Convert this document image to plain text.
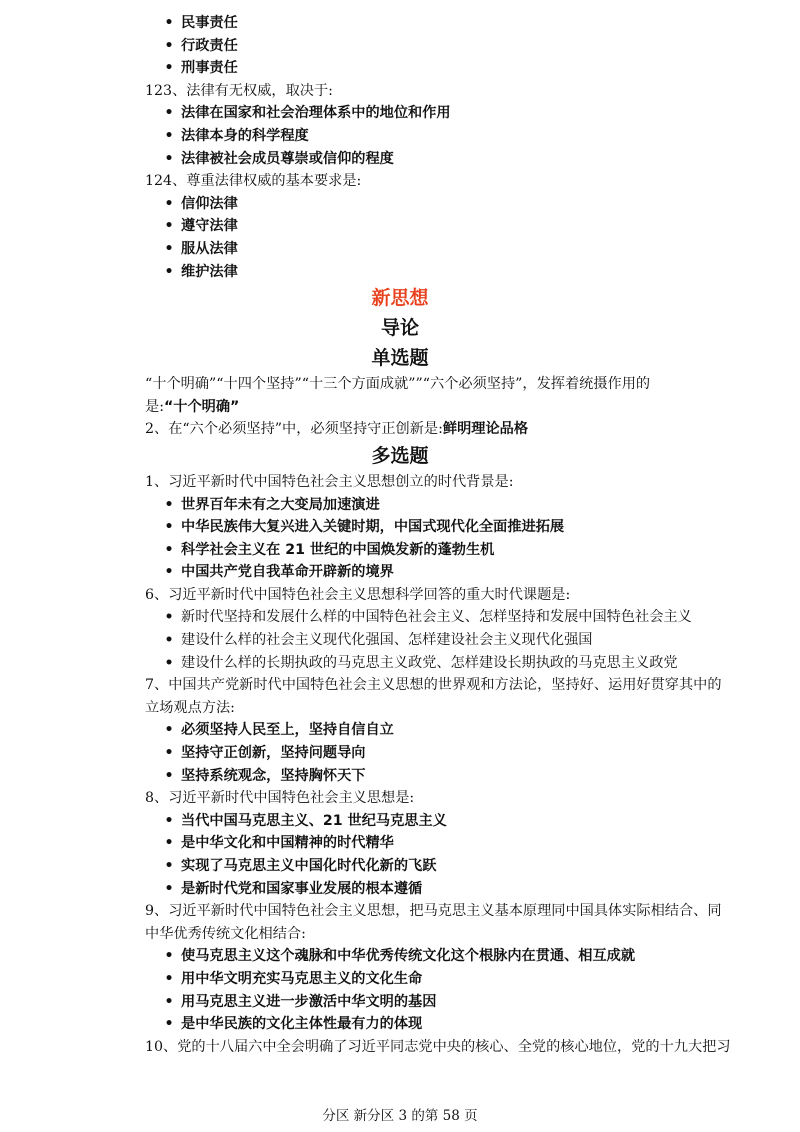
• 民事责任
• 行政责任
• 刑事责任
123、法律有无权威，取决于:
• 法律在国家和社会治理体系中的地位和作用
• 法律本身的科学程度
• 法律被社会成员尊崇或信仰的程度
124、尊重法律权威的基本要求是:
• 信仰法律
• 遵守法律
• 服从法律
• 维护法律
新思想
导论
单选题
“十个明确”“十四个坚持”“十三个方面成就””“六个必须坚持”，发挥着统摄作用的
是:“十个明确”
2、在“六个必须坚持”中，必须坚持守正创新是:鲜明理论品格
多选题
1、习近平新时代中国特色社会主义思想创立的时代背景是:
• 世界百年未有之大变局加速演进
• 中华民族伟大复兴进入关键时期，中国式现代化全面推进拓展
• 科学社会主义在 21 世纪的中国焕发新的蓬勃生机
• 中国共产党自我革命开辟新的境界
6、习近平新时代中国特色社会主义思想科学回答的重大时代课题是:
• 新时代坚持和发展什么样的中国特色社会主义、怎样坚持和发展中国特色社会主义
• 建设什么样的社会主义现代化强国、怎样建设社会主义现代化强国
• 建设什么样的长期执政的马克思主义政党、怎样建设长期执政的马克思主义政党
7、中国共产党新时代中国特色社会主义思想的世界观和方法论，坚持好、运用好贯穿其中的
立场观点方法:
• 必须坚持人民至上，坚持自信自立
• 坚持守正创新，坚持问题导向
• 坚持系统观念，坚持胸怀天下
8、习近平新时代中国特色社会主义思想是:
• 当代中国马克思主义、21 世纪马克思主义
• 是中华文化和中国精神的时代精华
• 实现了马克思主义中国化时代化新的飞跃
• 是新时代党和国家事业发展的根本遵循
9、习近平新时代中国特色社会主义思想，把马克思主义基本原理同中国具体实际相结合、同
中华优秀传统文化相结合:
• 使马克思主义这个魂脉和中华优秀传统文化这个根脉内在贯通、相互成就
• 用中华文明充实马克思主义的文化生命
• 用马克思主义进一步激活中华文明的基因
• 是中华民族的文化主体性最有力的体现
10、党的十八届六中全会明确了习近平同志党中央的核心、全党的核心地位，党的十九大把习
分区 新分区 3 的第 58 页
